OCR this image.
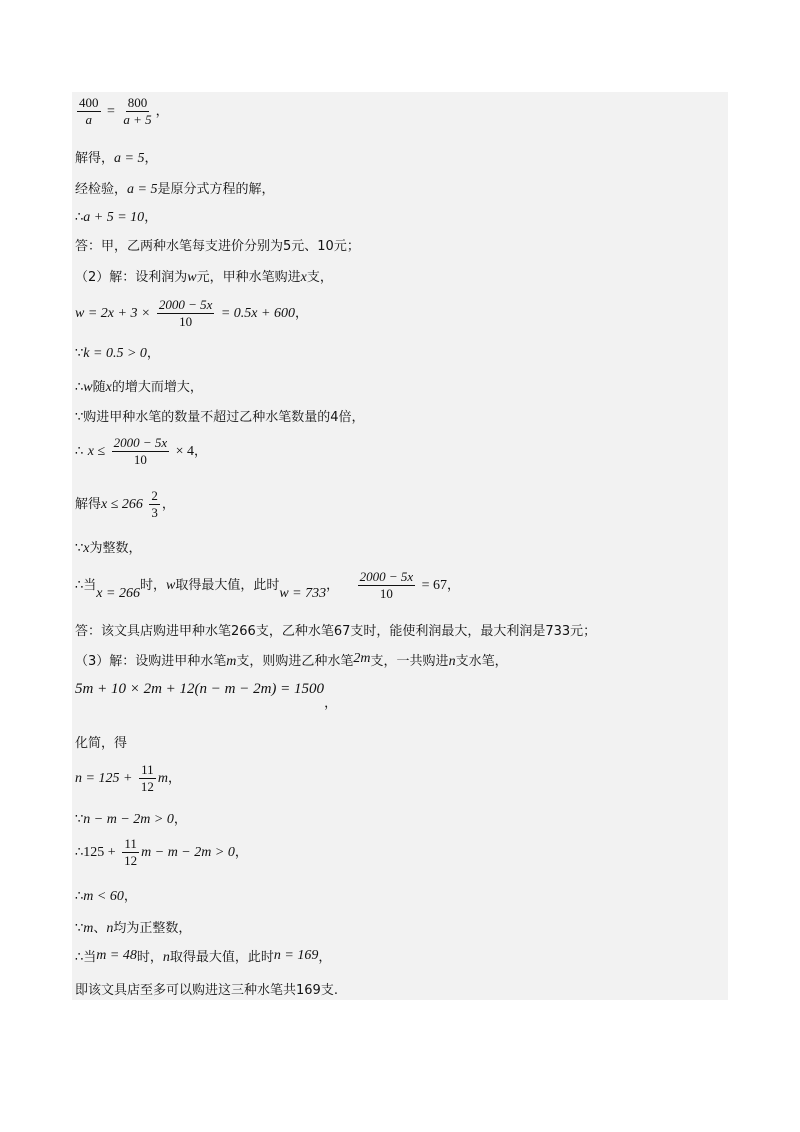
$\frac{400}{a} = \frac{800}{a + 5}$ ，
解得，a = 5，
经检验，a = 5是原分式方程的解，
∴a + 5 = 10，
答：甲，乙两种水笔每支进价分别为5元、10元；
（2）解：设利润为w元，甲种水笔购进x支，
$w = 2x + 3 \times \frac{2000 - 5x}{10} = 0.5x + 600$，
∵k = 0.5 > 0，
∴w随x的增大而增大，
∵购进甲种水笔的数量不超过乙种水笔数量的4倍，
∴ $x \le \frac{2000 - 5x}{10} \times 4$，
解得$x \le 266 \frac{2}{3}$ ，
∵x为整数，
∴当x = 266时，w取得最大值，此时w = 733， $\frac{2000 - 5x}{10} = 67$，
答：该文具店购进甲种水笔266支，乙种水笔67支时，能使利润最大，最大利润是733元；
（3）解：设购进甲种水笔m支，则购进乙种水笔2m支，一共购进n支水笔，
5m + 10 × 2m + 12(n − m − 2m) = 1500，
化简，得
$n = 125 + \frac{11}{12}$ m，
∵n − m − 2m > 0，
∴125 + $\frac{11}{12}$ m − m − 2m > 0，
∴m < 60，
∵m、n均为正整数，
∴当m = 48时，n取得最大值，此时n = 169，
即该文具店至多可以购进这三种水笔共169支.
